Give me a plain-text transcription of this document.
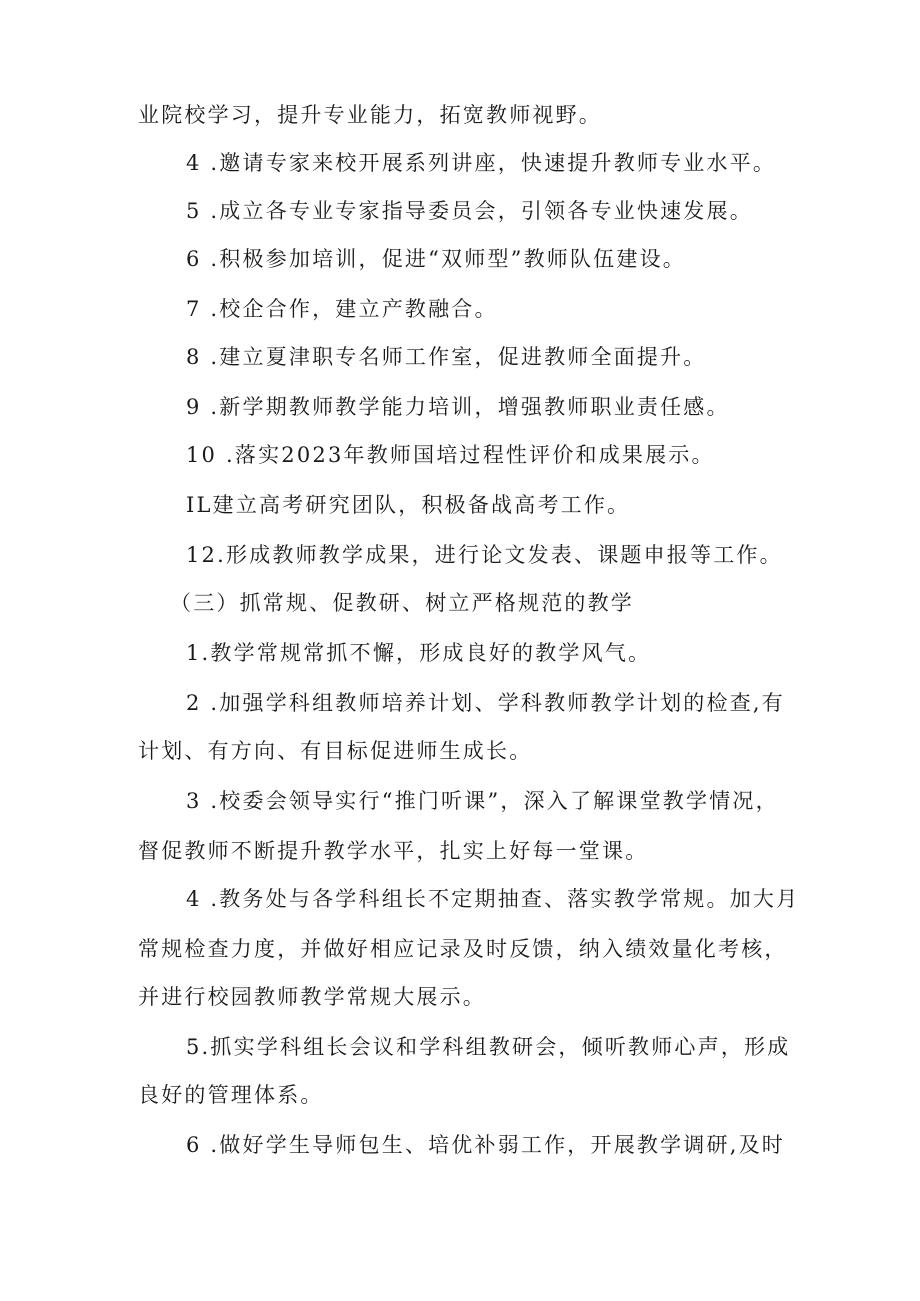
业院校学习，提升专业能力，拓宽教师视野。
4 .邀请专家来校开展系列讲座，快速提升教师专业水平。
5 .成立各专业专家指导委员会，引领各专业快速发展。
6 .积极参加培训，促进“双师型”教师队伍建设。
7 .校企合作，建立产教融合。
8 .建立夏津职专名师工作室，促进教师全面提升。
9 .新学期教师教学能力培训，增强教师职业责任感。
10 .落实2023年教师国培过程性评价和成果展示。
IL建立高考研究团队，积极备战高考工作。
12.形成教师教学成果，进行论文发表、课题申报等工作。
（三）抓常规、促教研、树立严格规范的教学
1.教学常规常抓不懈，形成良好的教学风气。
2 .加强学科组教师培养计划、学科教师教学计划的检查,有
计划、有方向、有目标促进师生成长。
3 .校委会领导实行“推门听课”，深入了解课堂教学情况，
督促教师不断提升教学水平，扎实上好每一堂课。
4 .教务处与各学科组长不定期抽查、落实教学常规。加大月
常规检查力度，并做好相应记录及时反馈，纳入绩效量化考核，
并进行校园教师教学常规大展示。
5.抓实学科组长会议和学科组教研会，倾听教师心声，形成
良好的管理体系。
6 .做好学生导师包生、培优补弱工作，开展教学调研,及时
